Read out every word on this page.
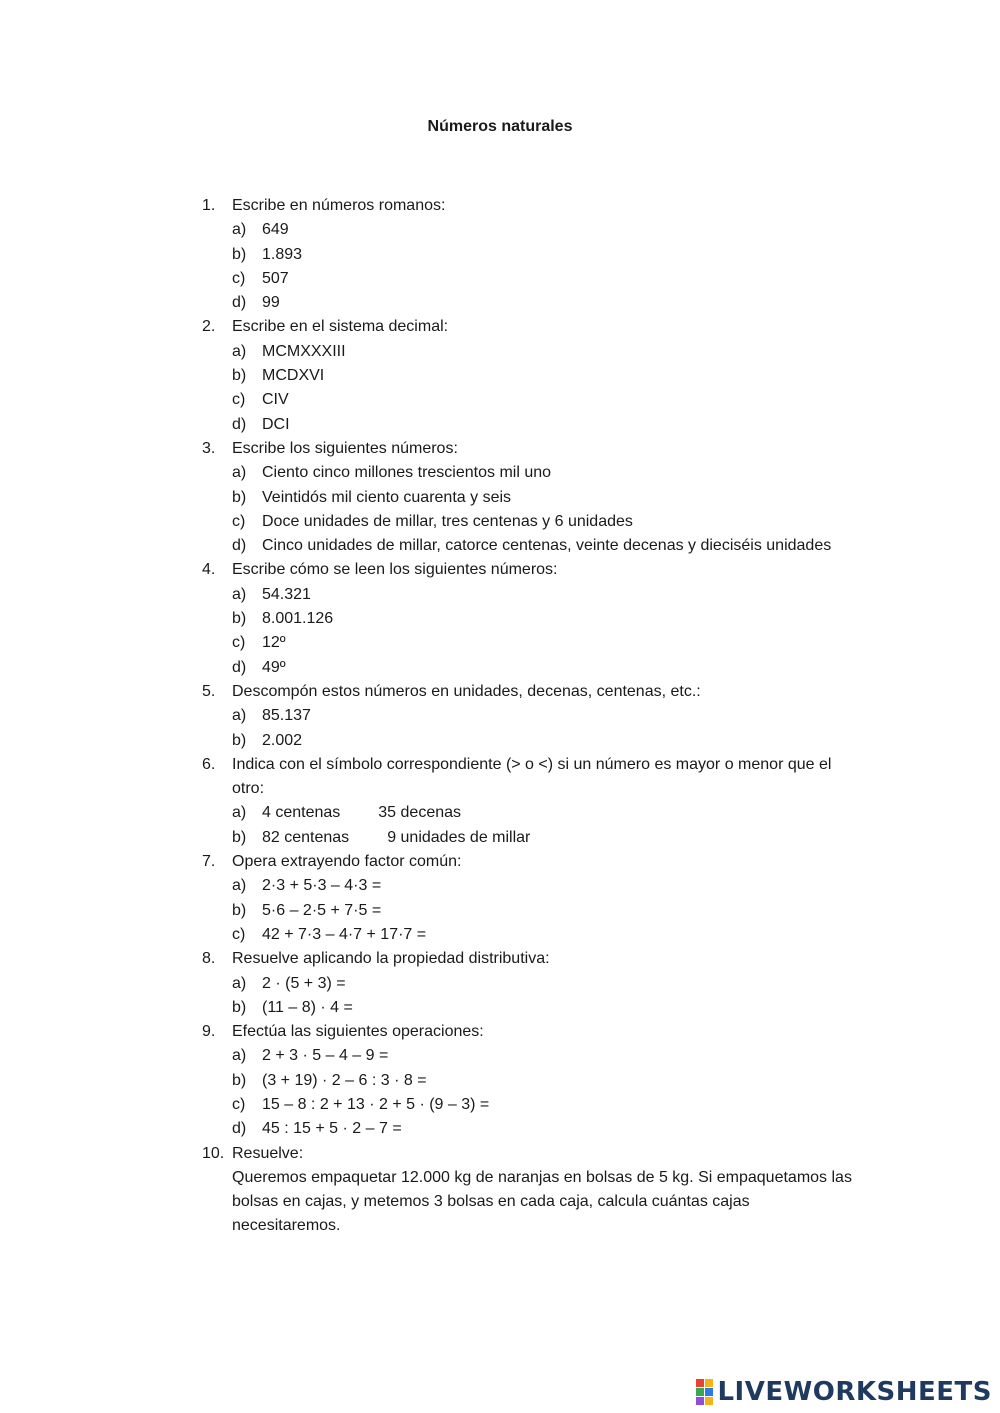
Números naturales
1. Escribe en números romanos:
a) 649
b) 1.893
c) 507
d) 99
2. Escribe en el sistema decimal:
a) MCMXXXIII
b) MCDXVI
c) CIV
d) DCI
3. Escribe los siguientes números:
a) Ciento cinco millones trescientos mil uno
b) Veintidós mil ciento cuarenta y seis
c) Doce unidades de millar, tres centenas y 6 unidades
d) Cinco unidades de millar, catorce centenas, veinte decenas y dieciséis unidades
4. Escribe cómo se leen los siguientes números:
a) 54.321
b) 8.001.126
c) 12º
d) 49º
5. Descompón estos números en unidades, decenas, centenas, etc.:
a) 85.137
b) 2.002
6. Indica con el símbolo correspondiente (> o <) si un número es mayor o menor que el otro:
a) 4 centenas 35 decenas
b) 82 centenas 9 unidades de millar
7. Opera extrayendo factor común:
a) 2·3 + 5·3 – 4·3 =
b) 5·6 – 2·5 + 7·5 =
c) 42 + 7·3 – 4·7 + 17·7 =
8. Resuelve aplicando la propiedad distributiva:
a) 2 · (5 + 3) =
b) (11 – 8) · 4 =
9. Efectúa las siguientes operaciones:
a) 2 + 3 · 5 – 4 – 9 =
b) (3 + 19) · 2 – 6 : 3 · 8 =
c) 15 – 8 : 2 + 13 · 2 + 5 · (9 – 3) =
d) 45 : 15 + 5 · 2 – 7 =
10. Resuelve:
Queremos empaquetar 12.000 kg de naranjas en bolsas de 5 kg. Si empaquetamos las bolsas en cajas, y metemos 3 bolsas en cada caja, calcula cuántas cajas necesitaremos.
LIVEWORKSHEETS
